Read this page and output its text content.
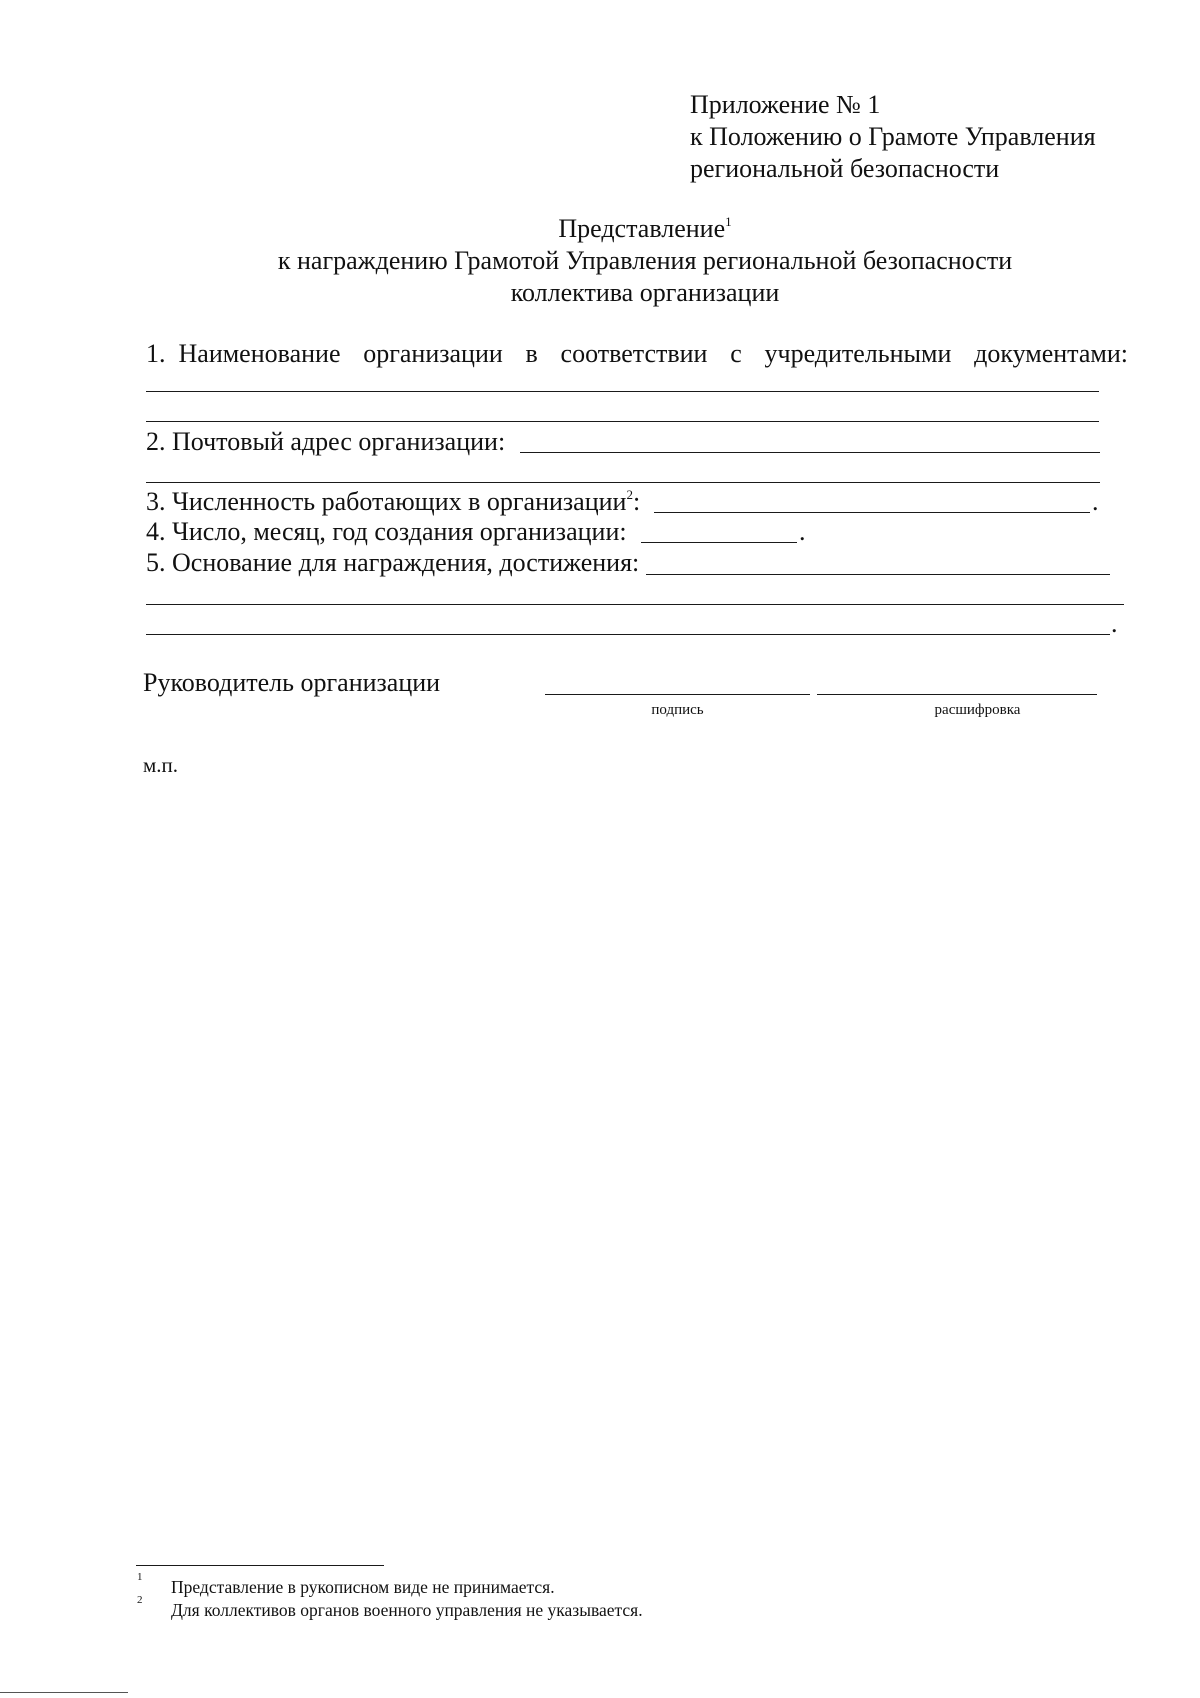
Приложение № 1
к Положению о Грамоте Управления
региональной безопасности
Представление$^1$
к награждению Грамотой Управления региональной безопасности
коллектива организации
1. Наименование организации в соответствии с учредительными документами:
2. Почтовый адрес организации:
3. Численность работающих в организации$^2$:	.
4. Число, месяц, год создания организации:	.
5. Основание для награждения, достижения:
.
Руководитель организации
подпись	расшифровка
м.п.
1 Представление в рукописном виде не принимается.
2 Для коллективов органов военного управления не указывается.
